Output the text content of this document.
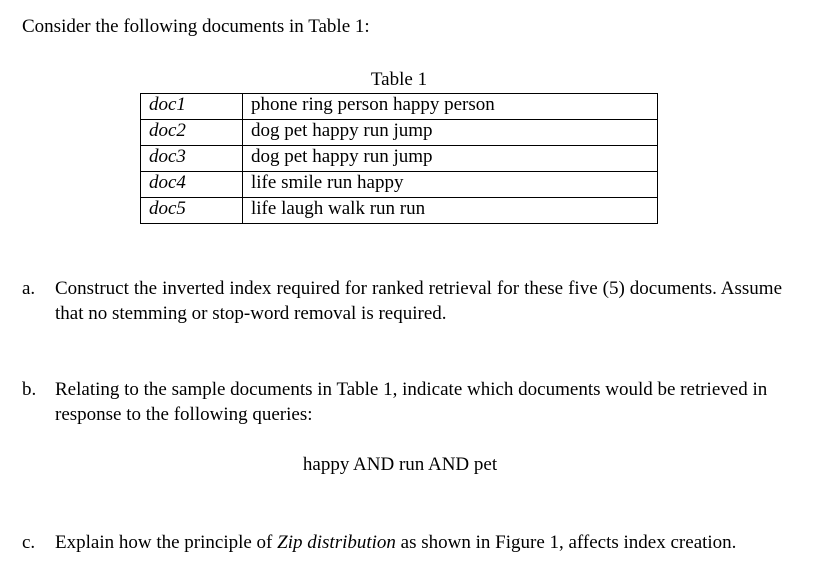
Consider the following documents in Table 1:

Table 1
doc1	phone ring person happy person
doc2	dog pet happy run jump
doc3	dog pet happy run jump
doc4	life smile run happy
doc5	life laugh walk run run
a. Construct the inverted index required for ranked retrieval for these five (5) documents. Assume that no stemming or stop-word removal is required.
b. Relating to the sample documents in Table 1, indicate which documents would be retrieved in response to the following queries:
happy AND run AND pet
c. Explain how the principle of Zip distribution as shown in Figure 1, affects index creation.
